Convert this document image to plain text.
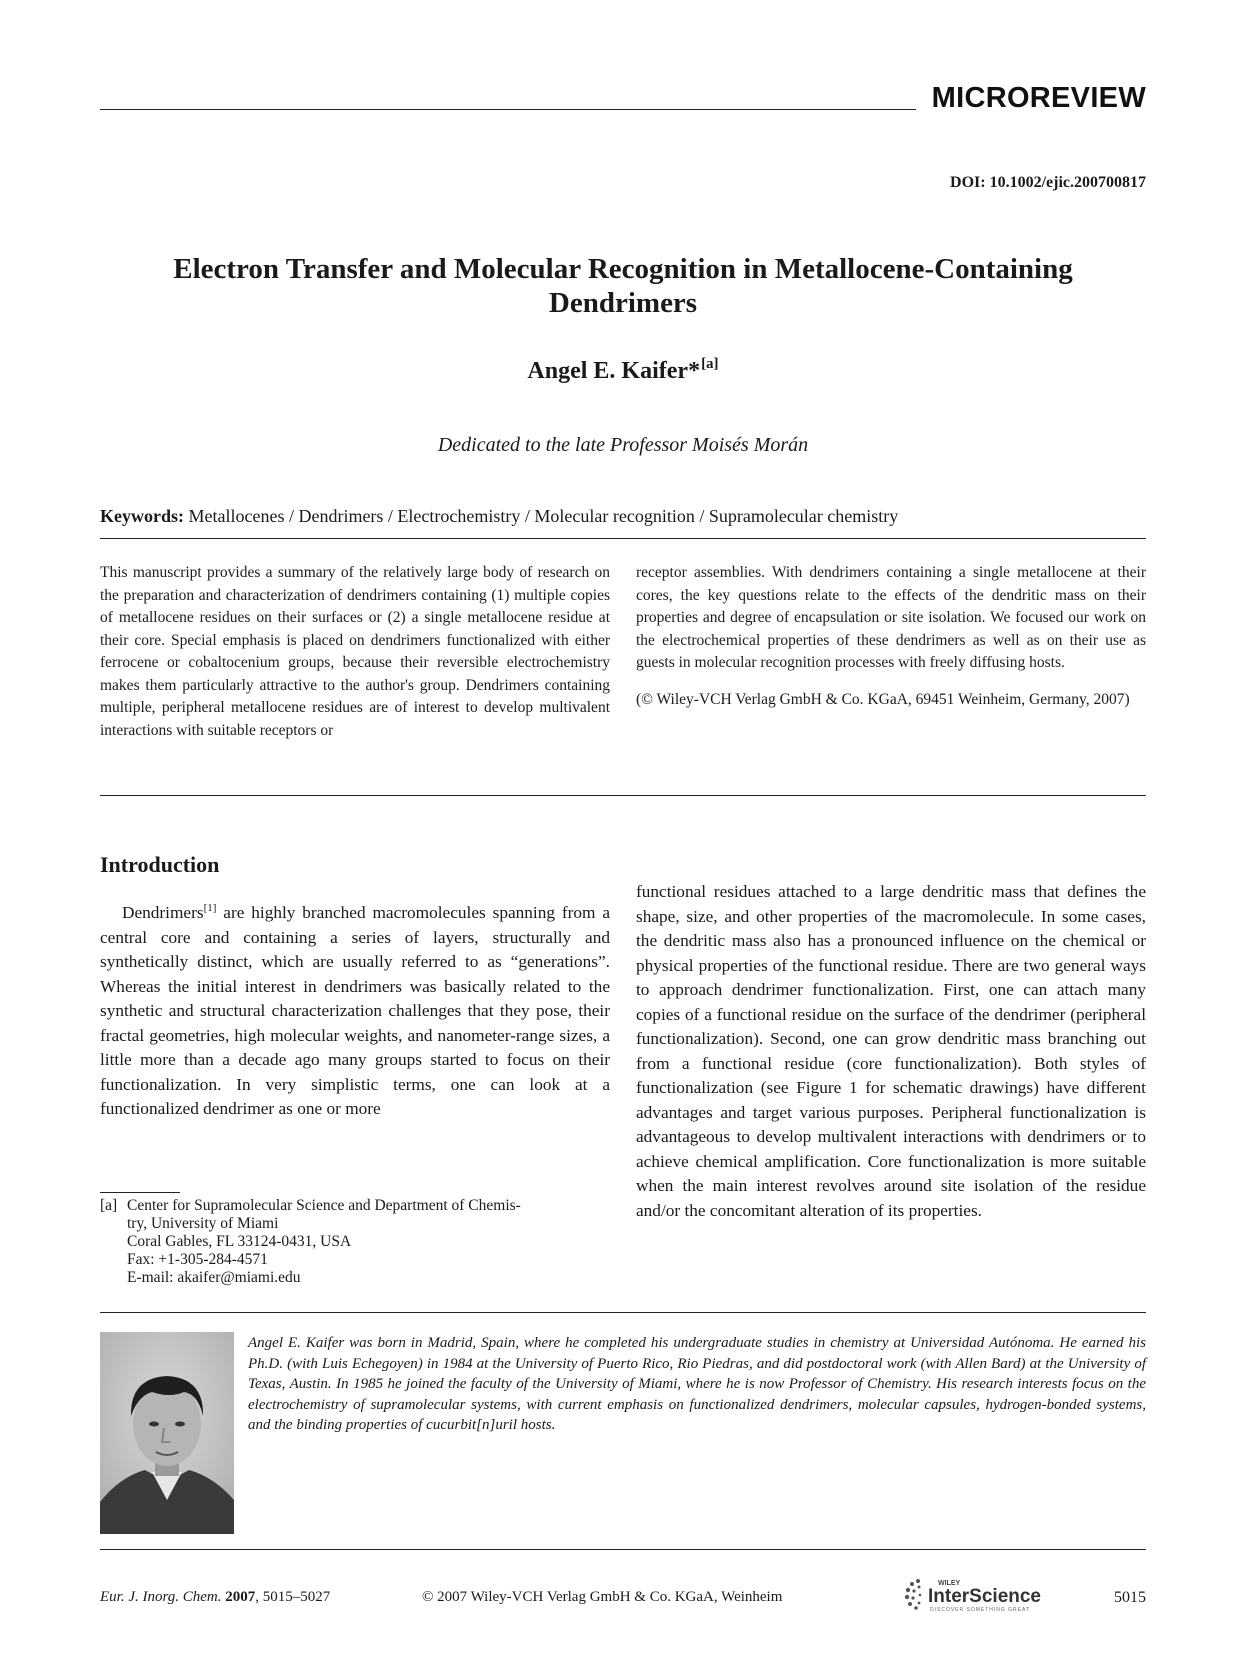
MICROREVIEW
DOI: 10.1002/ejic.200700817
Electron Transfer and Molecular Recognition in Metallocene-Containing
Dendrimers
Angel E. Kaifer*[a]
Dedicated to the late Professor Moisés Morán
Keywords: Metallocenes / Dendrimers / Electrochemistry / Molecular recognition / Supramolecular chemistry

This manuscript provides a summary of the relatively large body of research on the preparation and characterization of dendrimers containing (1) multiple copies of metallocene residues on their surfaces or (2) a single metallocene residue at their core. Special emphasis is placed on dendrimers functionalized with either ferrocene or cobaltocenium groups, because their reversible electrochemistry makes them particularly attractive to the author's group. Dendrimers containing multiple, peripheral metallocene residues are of interest to develop multivalent interactions with suitable receptors or

receptor assemblies. With dendrimers containing a single metallocene at their cores, the key questions relate to the effects of the dendritic mass on their properties and degree of encapsulation or site isolation. We focused our work on the electrochemical properties of these dendrimers as well as on their use as guests in molecular recognition processes with freely diffusing hosts.

(© Wiley-VCH Verlag GmbH & Co. KGaA, 69451 Weinheim, Germany, 2007)

Introduction

Dendrimers[1] are highly branched macromolecules spanning from a central core and containing a series of layers, structurally and synthetically distinct, which are usually referred to as “generations”. Whereas the initial interest in dendrimers was basically related to the synthetic and structural characterization challenges that they pose, their fractal geometries, high molecular weights, and nanometer-range sizes, a little more than a decade ago many groups started to focus on their functionalization. In very simplistic terms, one can look at a functionalized dendrimer as one or more

functional residues attached to a large dendritic mass that defines the shape, size, and other properties of the macromolecule. In some cases, the dendritic mass also has a pronounced influence on the chemical or physical properties of the functional residue. There are two general ways to approach dendrimer functionalization. First, one can attach many copies of a functional residue on the surface of the dendrimer (peripheral functionalization). Second, one can grow dendritic mass branching out from a functional residue (core functionalization). Both styles of functionalization (see Figure 1 for schematic drawings) have different advantages and target various purposes. Peripheral functionalization is advantageous to develop multivalent interactions with dendrimers or to achieve chemical amplification. Core functionalization is more suitable when the main interest revolves around site isolation of the residue and/or the concomitant alteration of its properties.

[a] Center for Supramolecular Science and Department of Chemis-
try, University of Miami
Coral Gables, FL 33124-0431, USA
Fax: +1-305-284-4571
E-mail: akaifer@miami.edu
Angel E. Kaifer was born in Madrid, Spain, where he completed his undergraduate studies in chemistry at Universidad Autónoma. He earned his Ph.D. (with Luis Echegoyen) in 1984 at the University of Puerto Rico, Rio Piedras, and did postdoctoral work (with Allen Bard) at the University of Texas, Austin. In 1985 he joined the faculty of the University of Miami, where he is now Professor of Chemistry. His research interests focus on the electrochemistry of supramolecular systems, with current emphasis on functionalized dendrimers, molecular capsules, hydrogen-bonded systems, and the binding properties of cucurbit[n]uril hosts.
Eur. J. Inorg. Chem. 2007, 5015–5027	© 2007 Wiley-VCH Verlag GmbH & Co. KGaA, Weinheim
WILEY
InterScience
DISCOVER SOMETHING GREAT
5015
